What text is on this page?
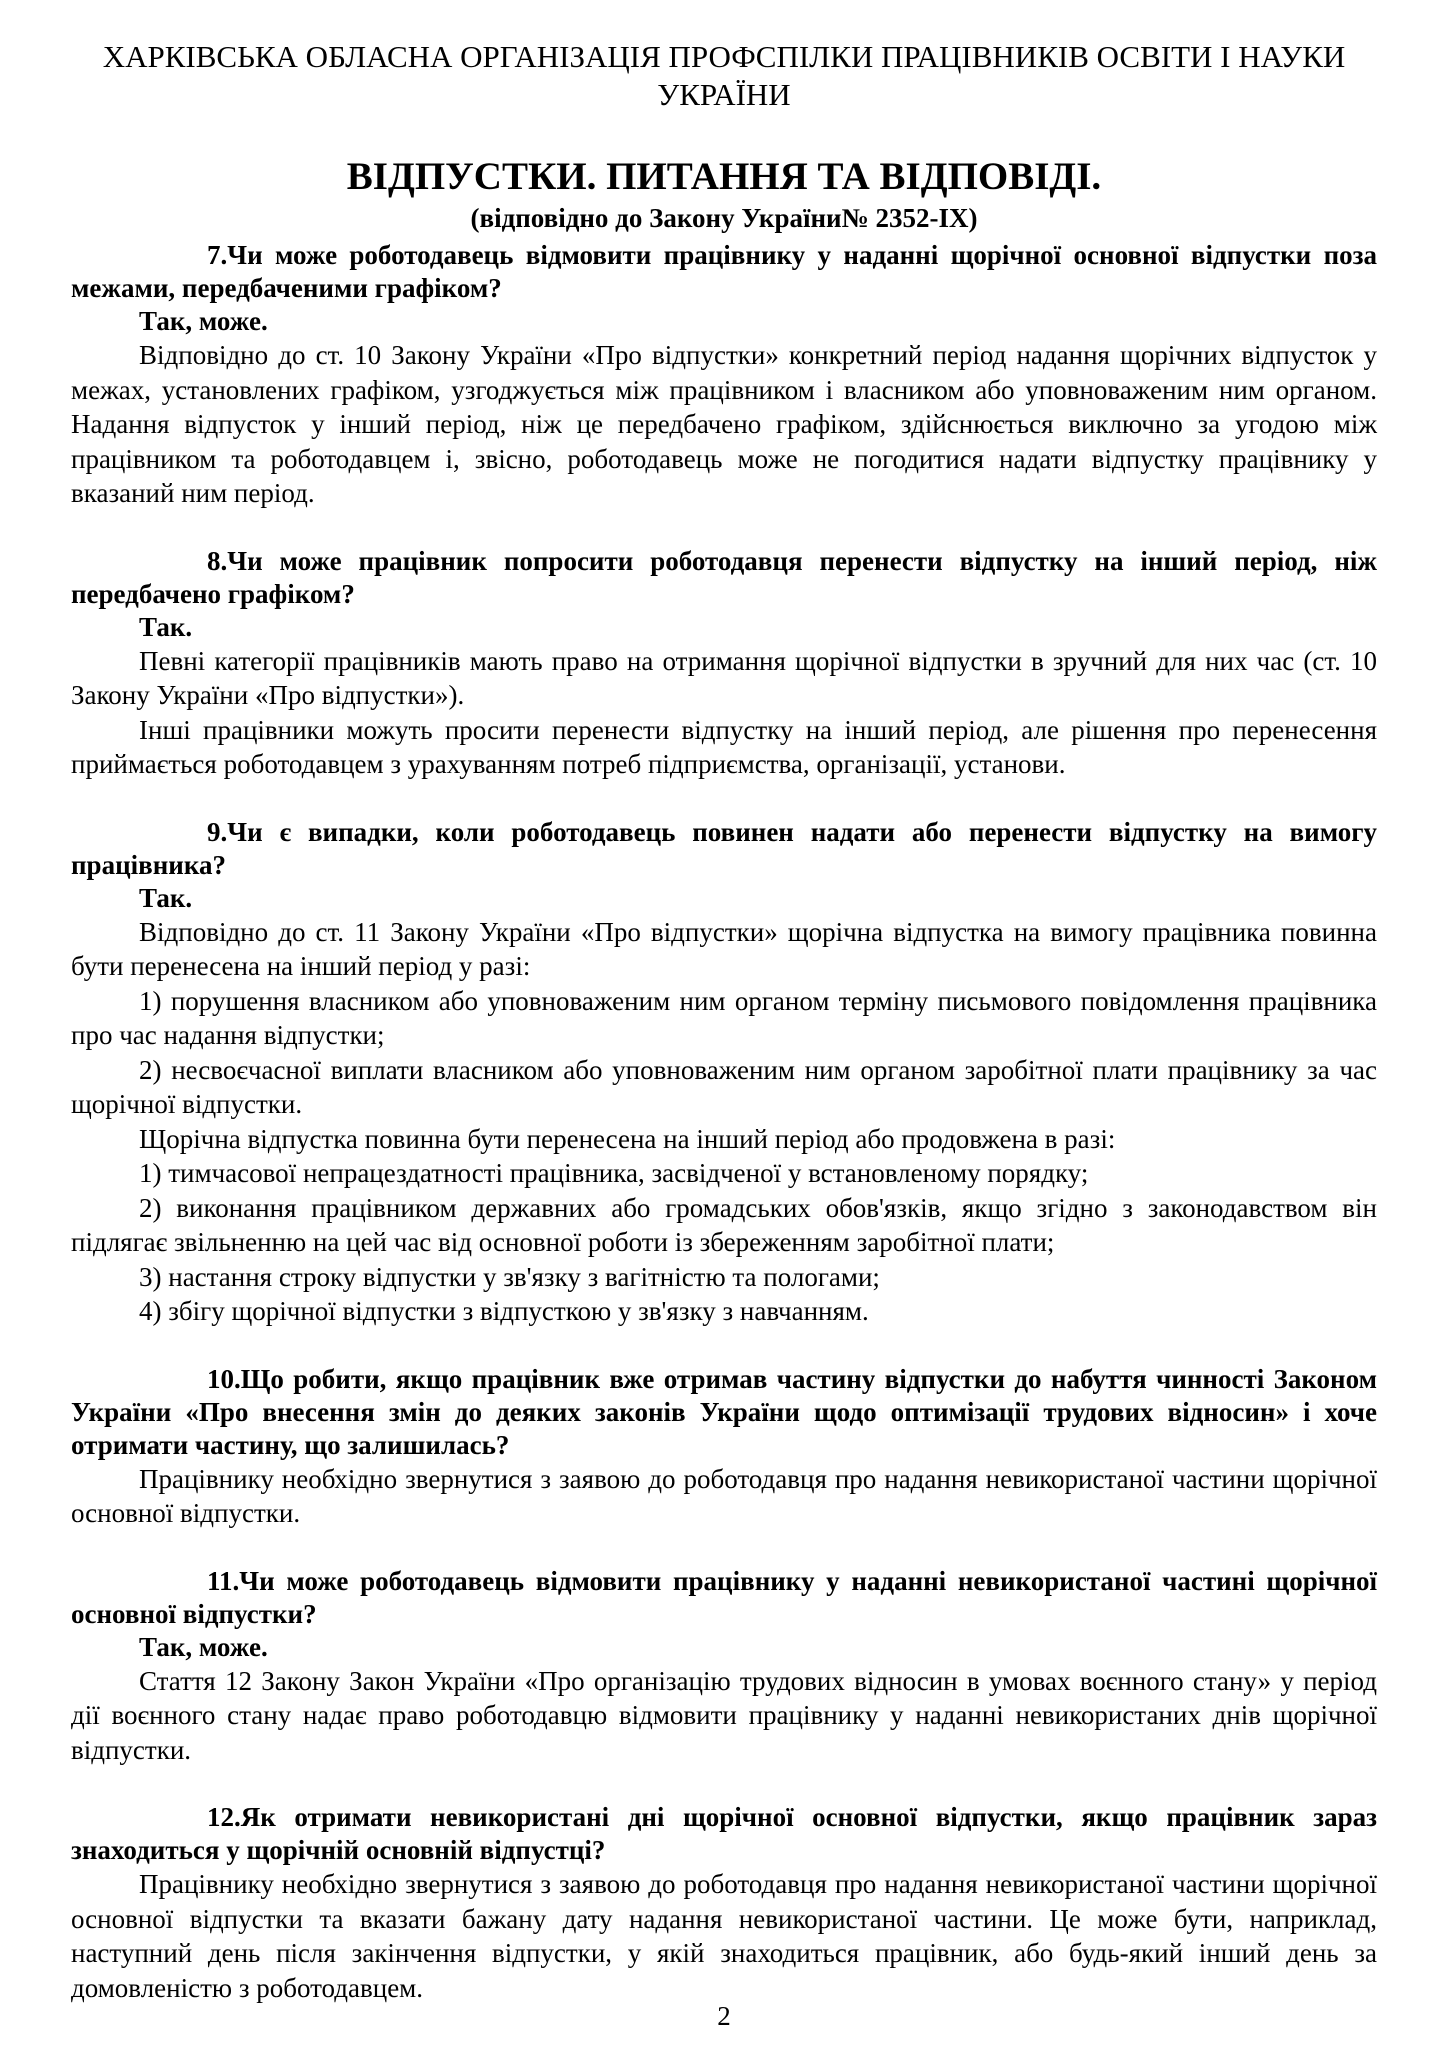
ХАРКІВСЬКА ОБЛАСНА ОРГАНІЗАЦІЯ ПРОФСПІЛКИ ПРАЦІВНИКІВ ОСВІТИ І НАУКИ УКРАЇНИ

ВІДПУСТКИ. ПИТАННЯ ТА ВІДПОВІДІ.

(відповідно до Закону України№ 2352-ІХ)

7.Чи може роботодавець відмовити працівнику у наданні щорічної основної відпустки поза межами, передбаченими графіком?

Так, може.

Відповідно до ст. 10 Закону України «Про відпустки» конкретний період надання щорічних відпусток у межах, установлених графіком, узгоджується між працівником і власником або уповноваженим ним органом. Надання відпусток у інший період, ніж це передбачено графіком, здійснюється виключно за угодою між працівником та роботодавцем і, звісно, роботодавець може не погодитися надати відпустку працівнику у вказаний ним період.

8.Чи може працівник попросити роботодавця перенести відпустку на інший період, ніж передбачено графіком?

Так.

Певні категорії працівників мають право на отримання щорічної відпустки в зручний для них час (ст. 10 Закону України «Про відпустки»).

Інші працівники можуть просити перенести відпустку на інший період, але рішення про перенесення приймається роботодавцем з урахуванням потреб підприємства, організації, установи.

9.Чи є випадки, коли роботодавець повинен надати або перенести відпустку на вимогу працівника?

Так.

Відповідно до ст. 11 Закону України «Про відпустки» щорічна відпустка на вимогу працівника повинна бути перенесена на інший період у разі:

1) порушення власником або уповноваженим ним органом терміну письмового повідомлення працівника про час надання відпустки;

2) несвоєчасної виплати власником або уповноваженим ним органом заробітної плати працівнику за час щорічної відпустки.

Щорічна відпустка повинна бути перенесена на інший період або продовжена в разі:

1) тимчасової непрацездатності працівника, засвідченої у встановленому порядку;

2) виконання працівником державних або громадських обов'язків, якщо згідно з законодавством він підлягає звільненню на цей час від основної роботи із збереженням заробітної плати;

3) настання строку відпустки у зв'язку з вагітністю та пологами;

4) збігу щорічної відпустки з відпусткою у зв'язку з навчанням.

10.Що робити, якщо працівник вже отримав частину відпустки до набуття чинності Законом України «Про внесення змін до деяких законів України щодо оптимізації трудових відносин» і хоче отримати частину, що залишилась?

Працівнику необхідно звернутися з заявою до роботодавця про надання невикористаної частини щорічної основної відпустки.

11.Чи може роботодавець відмовити працівнику у наданні невикористаної частині щорічної основної відпустки?

Так, може.

Стаття 12 Закону Закон України «Про організацію трудових відносин в умовах воєнного стану» у період дії воєнного стану надає право роботодавцю відмовити працівнику у наданні невикористаних днів щорічної відпустки.

12.Як отримати невикористані дні щорічної основної відпустки, якщо працівник зараз знаходиться у щорічній основній відпустці?

Працівнику необхідно звернутися з заявою до роботодавця про надання невикористаної частини щорічної основної відпустки та вказати бажану дату надання невикористаної частини. Це може бути, наприклад, наступний день після закінчення відпустки, у якій знаходиться працівник, або будь-який інший день за домовленістю з роботодавцем.

2
